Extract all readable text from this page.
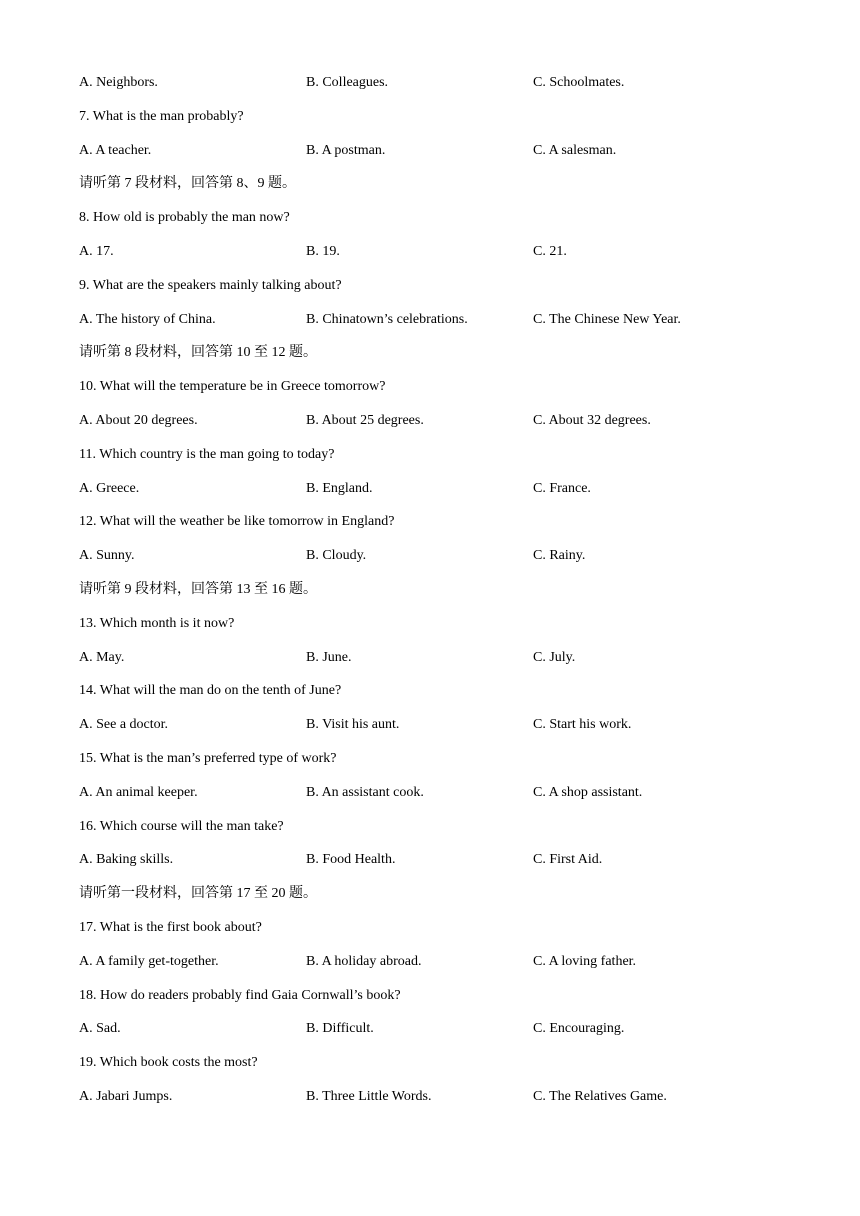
A. Neighbors.	B. Colleagues.	C. Schoolmates.
7. What is the man probably?
A. A teacher.	B. A postman.	C. A salesman.
请听第 7 段材料，回答第 8、9 题。
8. How old is probably the man now?
A. 17.	B. 19.	C. 21.
9. What are the speakers mainly talking about?
A. The history of China.	B. Chinatown’s celebrations.	C. The Chinese New Year.
请听第 8 段材料，回答第 10 至 12 题。
10. What will the temperature be in Greece tomorrow?
A. About 20 degrees.	B. About 25 degrees.	C. About 32 degrees.
11. Which country is the man going to today?
A. Greece.	B. England.	C. France.
12. What will the weather be like tomorrow in England?
A. Sunny.	B. Cloudy.	C. Rainy.
请听第 9 段材料，回答第 13 至 16 题。
13. Which month is it now?
A. May.	B. June.	C. July.
14. What will the man do on the tenth of June?
A. See a doctor.	B. Visit his aunt.	C. Start his work.
15. What is the man’s preferred type of work?
A. An animal keeper.	B. An assistant cook.	C. A shop assistant.
16. Which course will the man take?
A. Baking skills.	B. Food Health.	C. First Aid.
请听第一段材料，回答第 17 至 20 题。
17. What is the first book about?
A. A family get-together.	B. A holiday abroad.	C. A loving father.
18. How do readers probably find Gaia Cornwall’s book?
A. Sad.	B. Difficult.	C. Encouraging.
19. Which book costs the most?
A. Jabari Jumps.	B. Three Little Words.	C. The Relatives Game.
